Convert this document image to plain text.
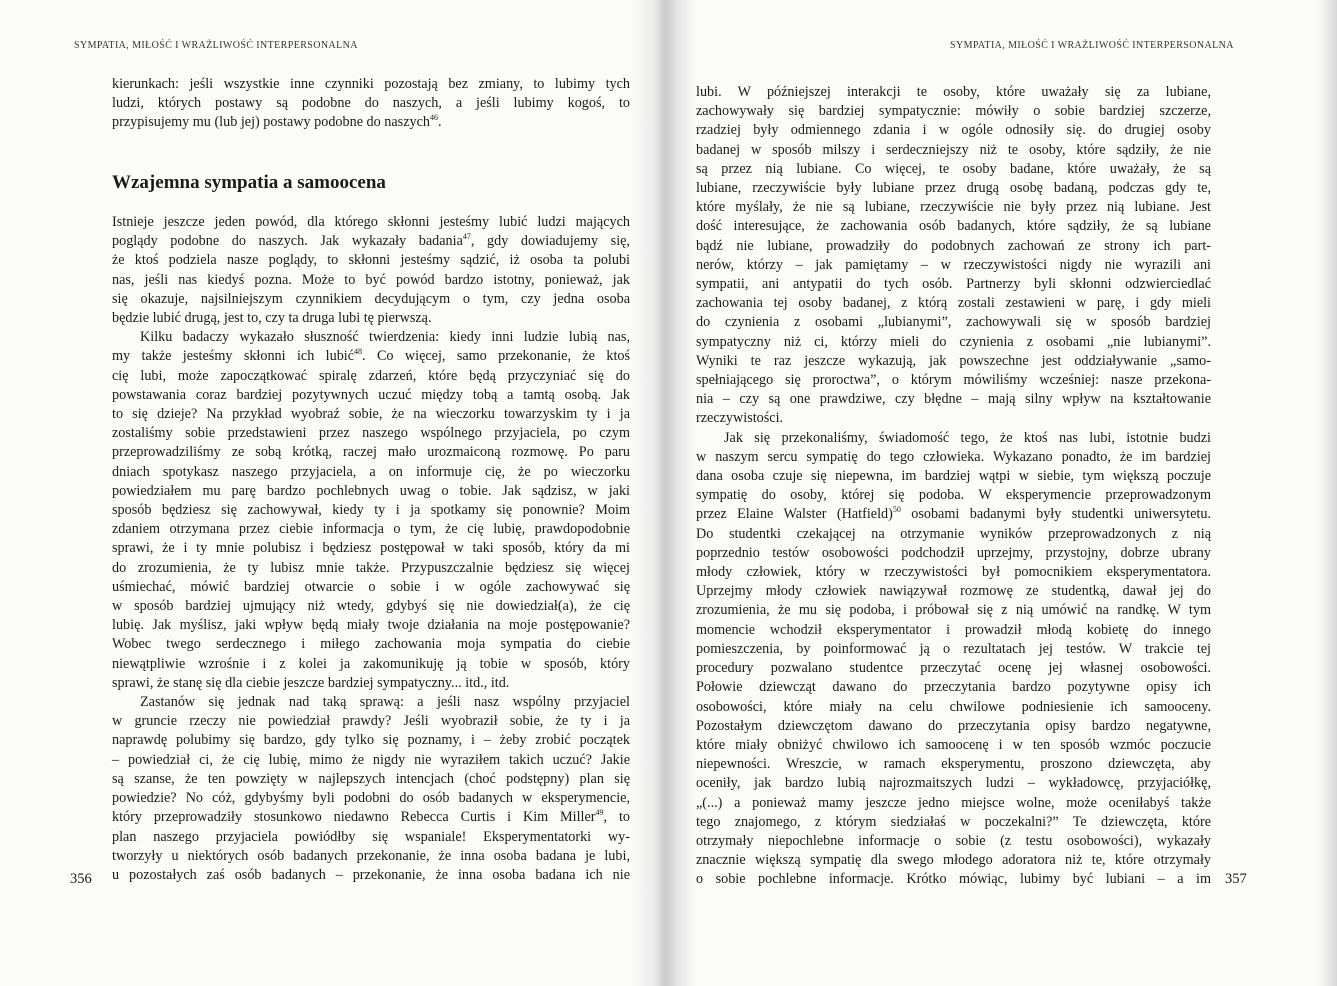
SYMPATIA, MIŁOŚĆ I WRAŻLIWOŚĆ INTERPERSONALNA
kierunkach: jeśli wszystkie inne czynniki pozostają bez zmiany, to lubimy tych
ludzi, których postawy są podobne do naszych, a jeśli lubimy kogoś, to
przypisujemy mu (lub jej) postawy podobne do naszych$^{46}$.
Wzajemna sympatia a samoocena
Istnieje jeszcze jeden powód, dla którego skłonni jesteśmy lubić ludzi mających
poglądy podobne do naszych. Jak wykazały badania$^{47}$, gdy dowiadujemy się,
że ktoś podziela nasze poglądy, to skłonni jesteśmy sądzić, iż osoba ta polubi
nas, jeśli nas kiedyś pozna. Może to być powód bardzo istotny, ponieważ, jak
się okazuje, najsilniejszym czynnikiem decydującym o tym, czy jedna osoba
będzie lubić drugą, jest to, czy ta druga lubi tę pierwszą.
Kilku badaczy wykazało słuszność twierdzenia: kiedy inni ludzie lubią nas,
my także jesteśmy skłonni ich lubić$^{48}$. Co więcej, samo przekonanie, że ktoś
cię lubi, może zapoczątkować spiralę zdarzeń, które będą przyczyniać się do
powstawania coraz bardziej pozytywnych uczuć między tobą a tamtą osobą. Jak
to się dzieje? Na przykład wyobraź sobie, że na wieczorku towarzyskim ty i ja
zostaliśmy sobie przedstawieni przez naszego wspólnego przyjaciela, po czym
przeprowadziliśmy ze sobą krótką, raczej mało urozmaiconą rozmowę. Po paru
dniach spotykasz naszego przyjaciela, a on informuje cię, że po wieczorku
powiedziałem mu parę bardzo pochlebnych uwag o tobie. Jak sądzisz, w jaki
sposób będziesz się zachowywał, kiedy ty i ja spotkamy się ponownie? Moim
zdaniem otrzymana przez ciebie informacja o tym, że cię lubię, prawdopodobnie
sprawi, że i ty mnie polubisz i będziesz postępował w taki sposób, który da mi
do zrozumienia, że ty lubisz mnie także. Przypuszczalnie będziesz się więcej
uśmiechać, mówić bardziej otwarcie o sobie i w ogóle zachowywać się
w sposób bardziej ujmujący niż wtedy, gdybyś się nie dowiedział(a), że cię
lubię. Jak myślisz, jaki wpływ będą miały twoje działania na moje postępowanie?
Wobec twego serdecznego i miłego zachowania moja sympatia do ciebie
niewątpliwie wzrośnie i z kolei ja zakomunikuję ją tobie w sposób, który
sprawi, że stanę się dla ciebie jeszcze bardziej sympatyczny... itd., itd.
Zastanów się jednak nad taką sprawą: a jeśli nasz wspólny przyjaciel
w gruncie rzeczy nie powiedział prawdy? Jeśli wyobraził sobie, że ty i ja
naprawdę polubimy się bardzo, gdy tylko się poznamy, i – żeby zrobić początek
– powiedział ci, że cię lubię, mimo że nigdy nie wyraziłem takich uczuć? Jakie
są szanse, że ten powzięty w najlepszych intencjach (choć podstępny) plan się
powiedzie? No cóż, gdybyśmy byli podobni do osób badanych w eksperymencie,
który przeprowadziły stosunkowo niedawno Rebecca Curtis i Kim Miller$^{49}$, to
plan naszego przyjaciela powiódłby się wspaniale! Eksperymentatorki wy-
tworzyły u niektórych osób badanych przekonanie, że inna osoba badana je lubi,
u pozostałych zaś osób badanych – przekonanie, że inna osoba badana ich nie
356
SYMPATIA, MIŁOŚĆ I WRAŻLIWOŚĆ INTERPERSONALNA
lubi. W późniejszej interakcji te osoby, które uważały się za lubiane,
zachowywały się bardziej sympatycznie: mówiły o sobie bardziej szczerze,
rzadziej były odmiennego zdania i w ogóle odnosiły się. do drugiej osoby
badanej w sposób milszy i serdeczniejszy niż te osoby, które sądziły, że nie
są przez nią lubiane. Co więcej, te osoby badane, które uważały, że są
lubiane, rzeczywiście były lubiane przez drugą osobę badaną, podczas gdy te,
które myślały, że nie są lubiane, rzeczywiście nie były przez nią lubiane. Jest
dość interesujące, że zachowania osób badanych, które sądziły, że są lubiane
bądź nie lubiane, prowadziły do podobnych zachowań ze strony ich part-
nerów, którzy – jak pamiętamy – w rzeczywistości nigdy nie wyrazili ani
sympatii, ani antypatii do tych osób. Partnerzy byli skłonni odzwierciedlać
zachowania tej osoby badanej, z którą zostali zestawieni w parę, i gdy mieli
do czynienia z osobami „lubianymi”, zachowywali się w sposób bardziej
sympatyczny niż ci, którzy mieli do czynienia z osobami „nie lubianymi”.
Wyniki te raz jeszcze wykazują, jak powszechne jest oddziaływanie „samo-
spełniającego się proroctwa”, o którym mówiliśmy wcześniej: nasze przekona-
nia – czy są one prawdziwe, czy błędne – mają silny wpływ na kształtowanie
rzeczywistości.
Jak się przekonaliśmy, świadomość tego, że ktoś nas lubi, istotnie budzi
w naszym sercu sympatię do tego człowieka. Wykazano ponadto, że im bardziej
dana osoba czuje się niepewna, im bardziej wątpi w siebie, tym większą poczuje
sympatię do osoby, której się podoba. W eksperymencie przeprowadzonym
przez Elaine Walster (Hatfield)$^{50}$ osobami badanymi były studentki uniwersytetu.
Do studentki czekającej na otrzymanie wyników przeprowadzonych z nią
poprzednio testów osobowości podchodził uprzejmy, przystojny, dobrze ubrany
młody człowiek, który w rzeczywistości był pomocnikiem eksperymentatora.
Uprzejmy młody człowiek nawiązywał rozmowę ze studentką, dawał jej do
zrozumienia, że mu się podoba, i próbował się z nią umówić na randkę. W tym
momencie wchodził eksperymentator i prowadził młodą kobietę do innego
pomieszczenia, by poinformować ją o rezultatach jej testów. W trakcie tej
procedury pozwalano studentce przeczytać ocenę jej własnej osobowości.
Połowie dziewcząt dawano do przeczytania bardzo pozytywne opisy ich
osobowości, które miały na celu chwilowe podniesienie ich samooceny.
Pozostałym dziewczętom dawano do przeczytania opisy bardzo negatywne,
które miały obniżyć chwilowo ich samoocenę i w ten sposób wzmóc poczucie
niepewności. Wreszcie, w ramach eksperymentu, proszono dziewczęta, aby
oceniły, jak bardzo lubią najrozmaitszych ludzi – wykładowcę, przyjaciółkę,
„(...) a ponieważ mamy jeszcze jedno miejsce wolne, może oceniłabyś także
tego znajomego, z którym siedziałaś w poczekalni?” Te dziewczęta, które
otrzymały niepochlebne informacje o sobie (z testu osobowości), wykazały
znacznie większą sympatię dla swego młodego adoratora niż te, które otrzymały
o sobie pochlebne informacje. Krótko mówiąc, lubimy być lubiani – a im 357
